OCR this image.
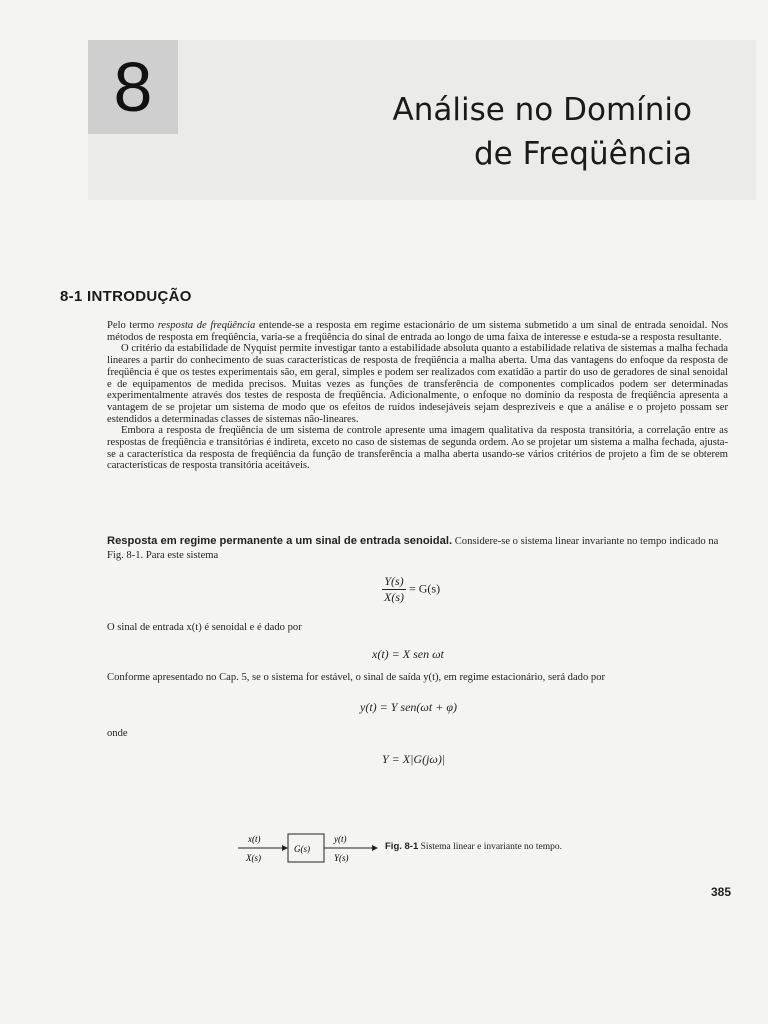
8	Análise no Domínio
de Freqüência
8-1 INTRODUÇÃO

Pelo termo resposta de freqüência entende-se a resposta em regime estacionário de um sistema submetido a um sinal de entrada senoidal. Nos métodos de resposta em freqüência, varia-se a freqüência do sinal de entrada ao longo de uma faixa de interesse e estuda-se a resposta resultante.

O critério da estabilidade de Nyquist permite investigar tanto a estabilidade absoluta quanto a estabilidade relativa de sistemas a malha fechada lineares a partir do conhecimento de suas características de resposta de freqüência a malha aberta. Uma das vantagens do enfoque da resposta de freqüência é que os testes experimentais são, em geral, simples e podem ser realizados com exatidão a partir do uso de geradores de sinal senoidal e de equipamentos de medida precisos. Muitas vezes as funções de transferência de componentes complicados podem ser determinadas experimentalmente através dos testes de resposta de freqüência. Adicionalmente, o enfoque no domínio da resposta de freqüência apresenta a vantagem de se projetar um sistema de modo que os efeitos de ruídos indesejáveis sejam desprezíveis e que a análise e o projeto possam ser estendidos a determinadas classes de sistemas não-lineares.

Embora a resposta de freqüência de um sistema de controle apresente uma imagem qualitativa da resposta transitória, a correlação entre as respostas de freqüência e transitórias é indireta, exceto no caso de sistemas de segunda ordem. Ao se projetar um sistema a malha fechada, ajusta-se a característica da resposta de freqüência da função de transferência a malha aberta usando-se vários critérios de projeto a fim de se obterem características de resposta transitória aceitáveis.

Resposta em regime permanente a um sinal de entrada senoidal. Considere-se o sistema linear invariante no tempo indicado na Fig. 8-1. Para este sistema
$\frac{Y(s)}{X(s)} = G(s)$
O sinal de entrada x(t) é senoidal e é dado por
x(t) = X sen ωt
Conforme apresentado no Cap. 5, se o sistema for estável, o sinal de saída y(t), em regime estacionário, será dado por
y(t) = Y sen(ωt + φ)
onde
Y = X|G(jω)|
x(t)
X(s)
G(s)
y(t)
Y(s)
Fig. 8-1 Sistema linear e invariante no tempo.
385
